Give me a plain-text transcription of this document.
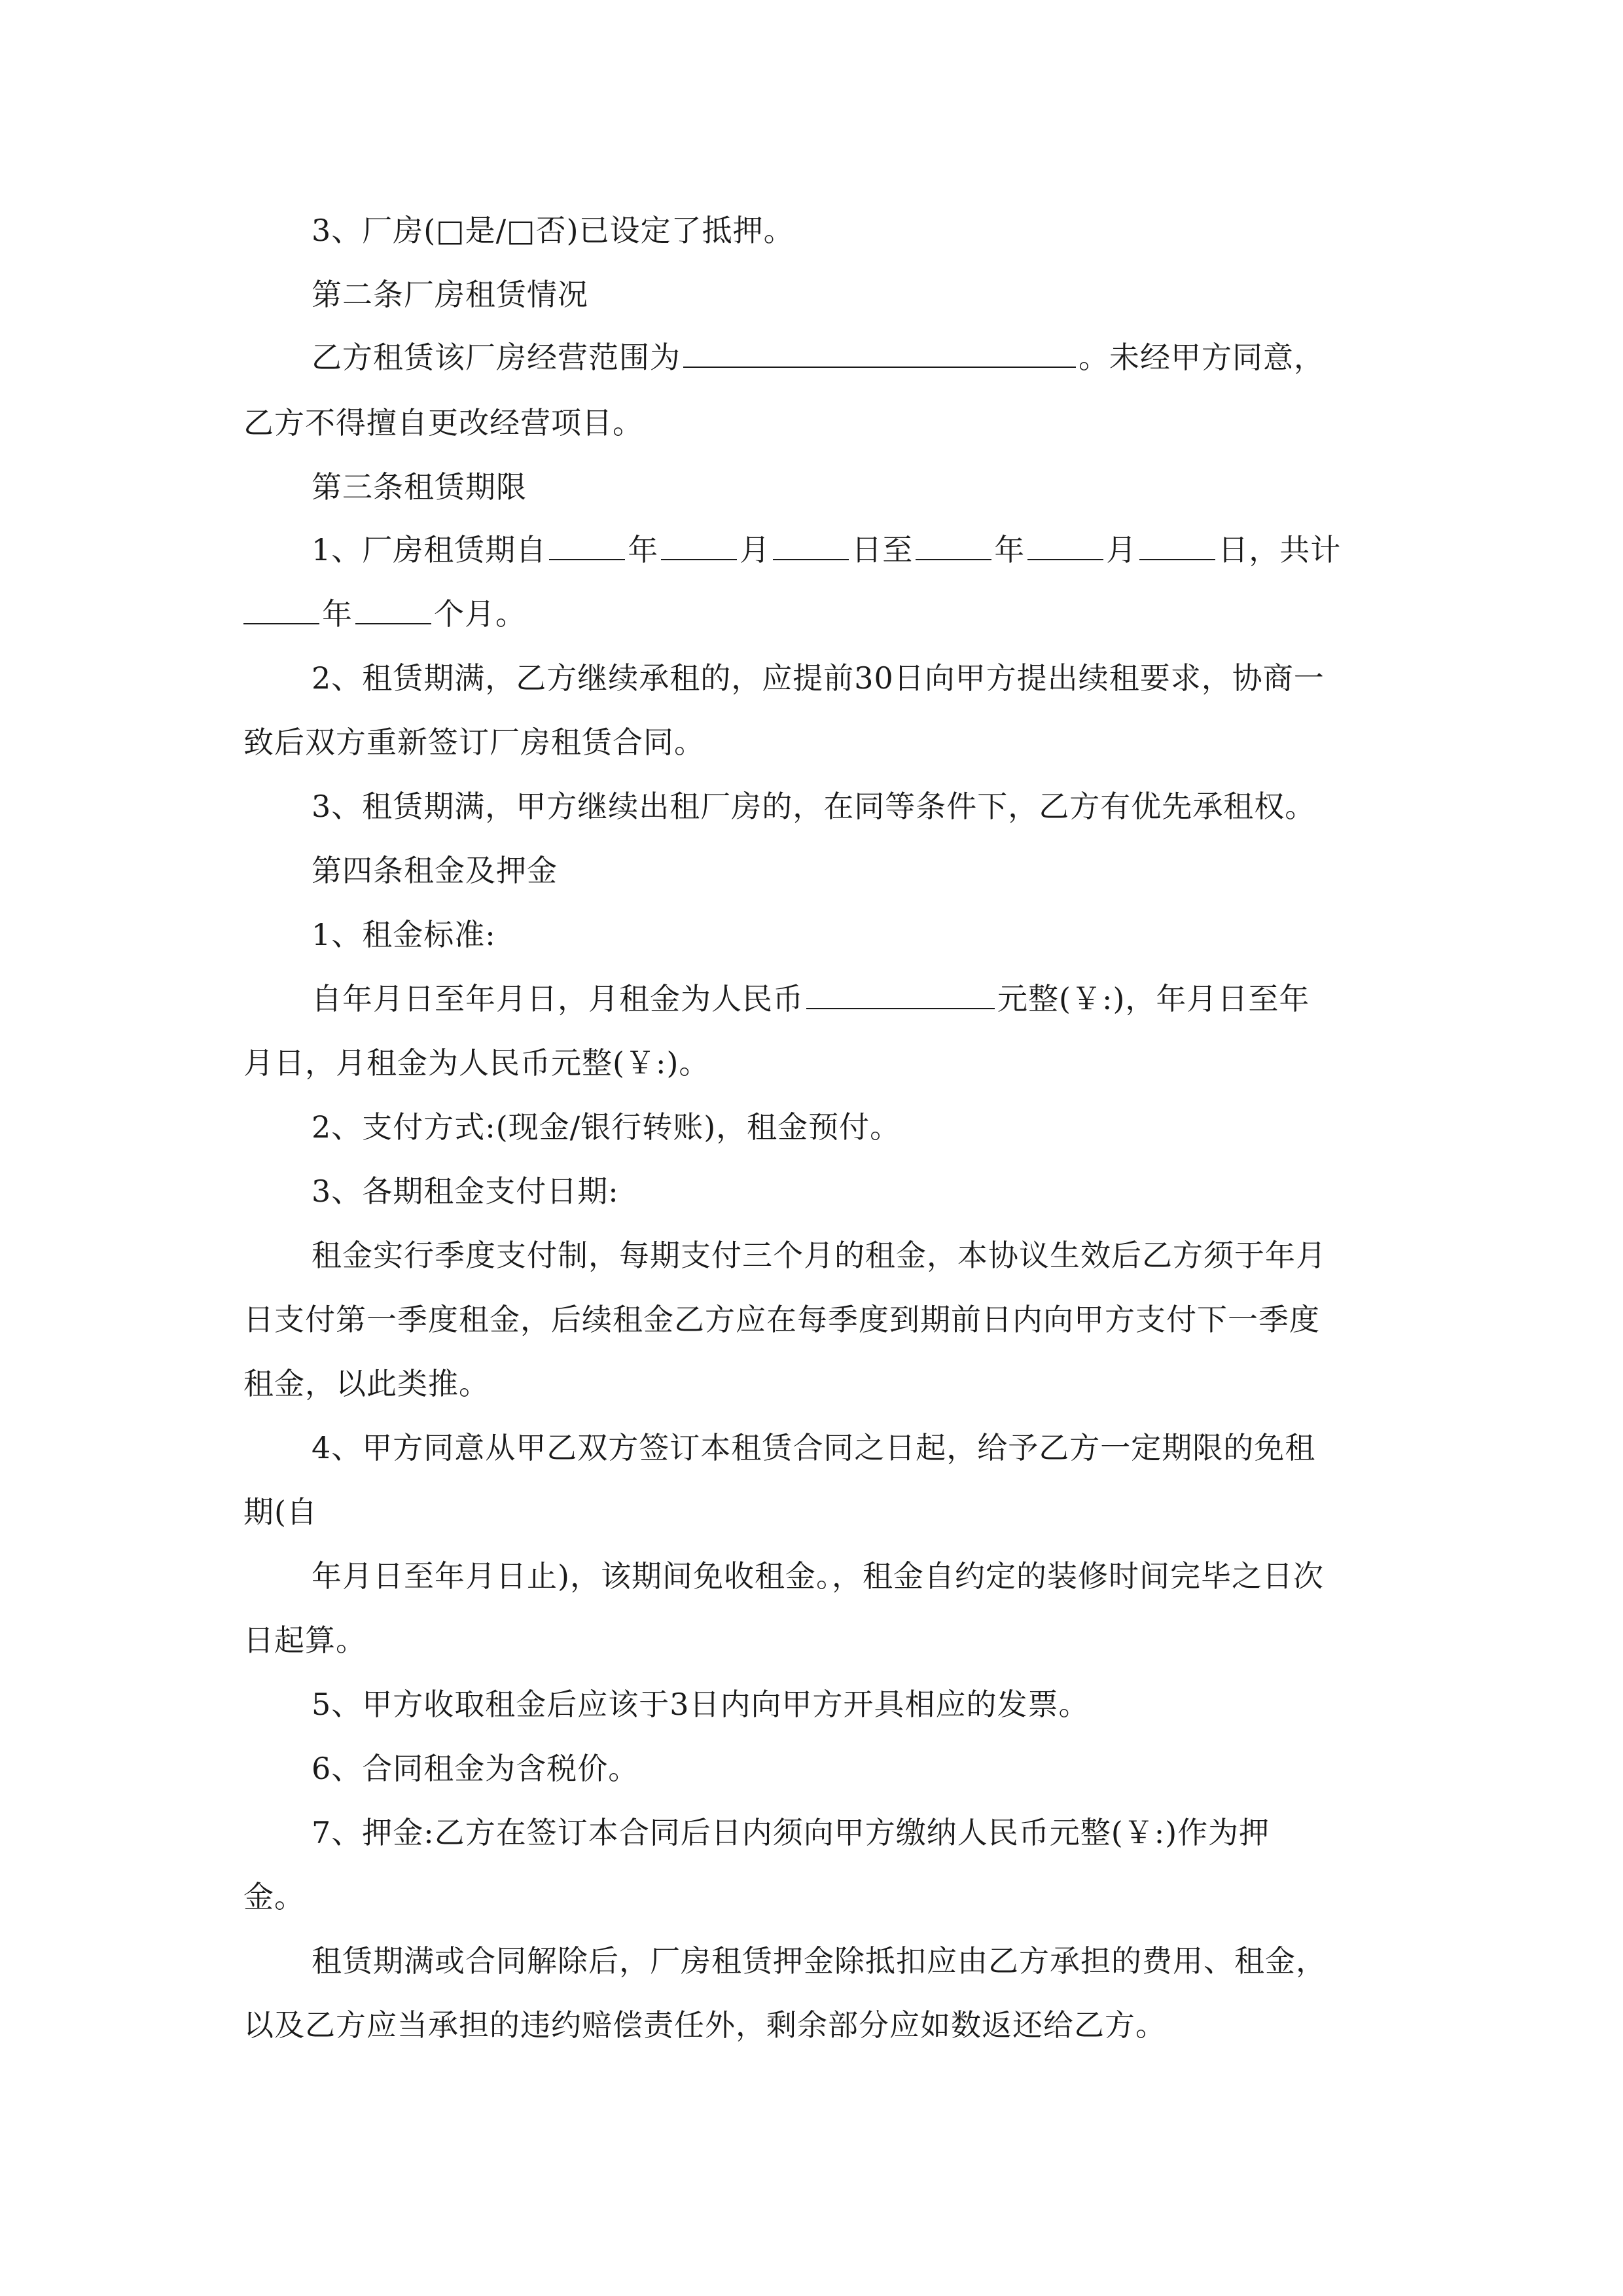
3、厂房(□是/□否)已设定了抵押。
第二条厂房租赁情况
乙方租赁该厂房经营范围为	。未经甲方同意，
乙方不得擅自更改经营项目。
第三条租赁期限
1、厂房租赁期自	年	月	日至	年	月	日，共计
年	个月。
2、租赁期满，乙方继续承租的，应提前30日向甲方提出续租要求，协商一
致后双方重新签订厂房租赁合同。
3、租赁期满，甲方继续出租厂房的，在同等条件下，乙方有优先承租权。
第四条租金及押金
1、租金标准:
自年月日至年月日，月租金为人民币	元整(￥:)，年月日至年
月日，月租金为人民币元整(￥:)。
2、支付方式:(现金/银行转账)，租金预付。
3、各期租金支付日期:
租金实行季度支付制，每期支付三个月的租金，本协议生效后乙方须于年月
日支付第一季度租金，后续租金乙方应在每季度到期前日内向甲方支付下一季度
租金，以此类推。
4、甲方同意从甲乙双方签订本租赁合同之日起，给予乙方一定期限的免租
期(自
年月日至年月日止)，该期间免收租金。，租金自约定的装修时间完毕之日次
日起算。
5、甲方收取租金后应该于3日内向甲方开具相应的发票。
6、合同租金为含税价。
7、押金:乙方在签订本合同后日内须向甲方缴纳人民币元整(￥:)作为押
金。
租赁期满或合同解除后，厂房租赁押金除抵扣应由乙方承担的费用、租金，
以及乙方应当承担的违约赔偿责任外，剩余部分应如数返还给乙方。
